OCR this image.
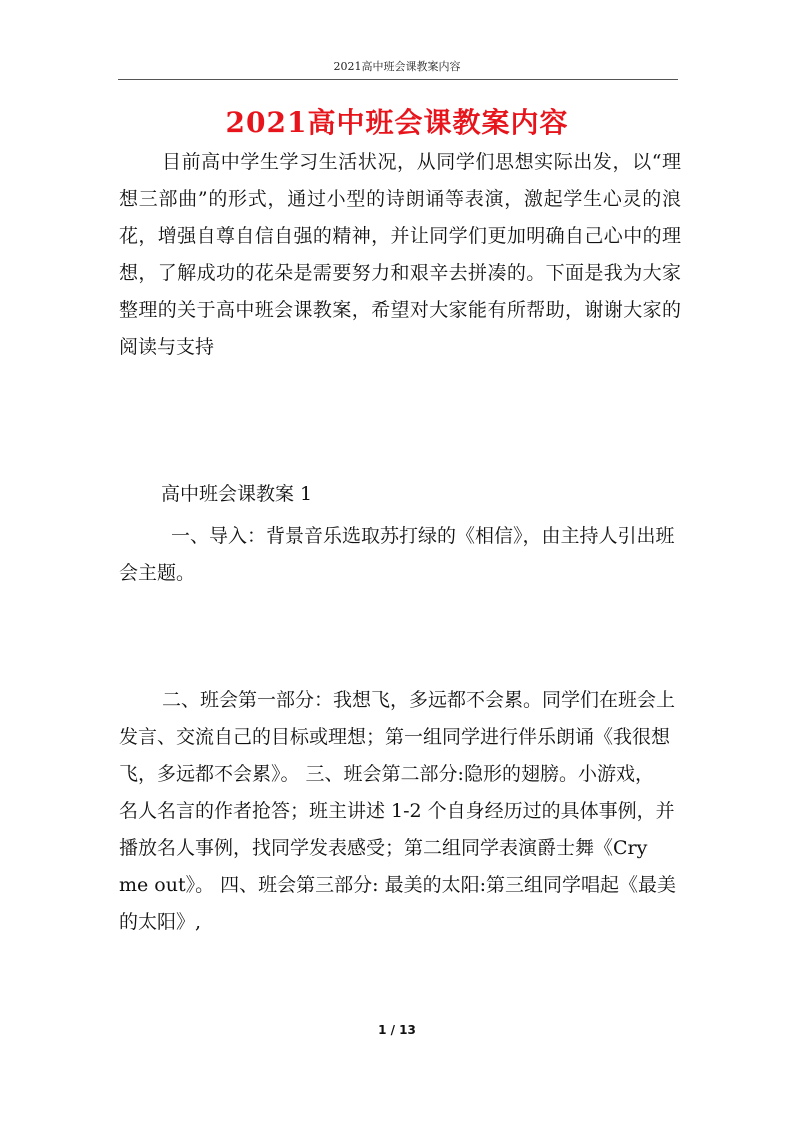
2021高中班会课教案内容
2021高中班会课教案内容

目前高中学生学习生活状况，从同学们思想实际出发，以“理想三部曲”的形式，通过小型的诗朗诵等表演，激起学生心灵的浪花，增强自尊自信自强的精神，并让同学们更加明确自己心中的理想，了解成功的花朵是需要努力和艰辛去拼凑的。下面是我为大家整理的关于高中班会课教案，希望对大家能有所帮助，谢谢大家的阅读与支持

高中班会课教案 1

一、导入：背景音乐选取苏打绿的《相信》，由主持人引出班会主题。

二、班会第一部分：我想飞，多远都不会累。同学们在班会上发言、交流自己的目标或理想；第一组同学进行伴乐朗诵《我很想飞，多远都不会累》。 三、班会第二部分:隐形的翅膀。小游戏，

名人名言的作者抢答；班主讲述 1-2 个自身经历过的具体事例，并播放名人事例，找同学发表感受；第二组同学表演爵士舞《Cry me out》。 四、班会第三部分: 最美的太阳:第三组同学唱起《最美的太阳》,

1 / 13
